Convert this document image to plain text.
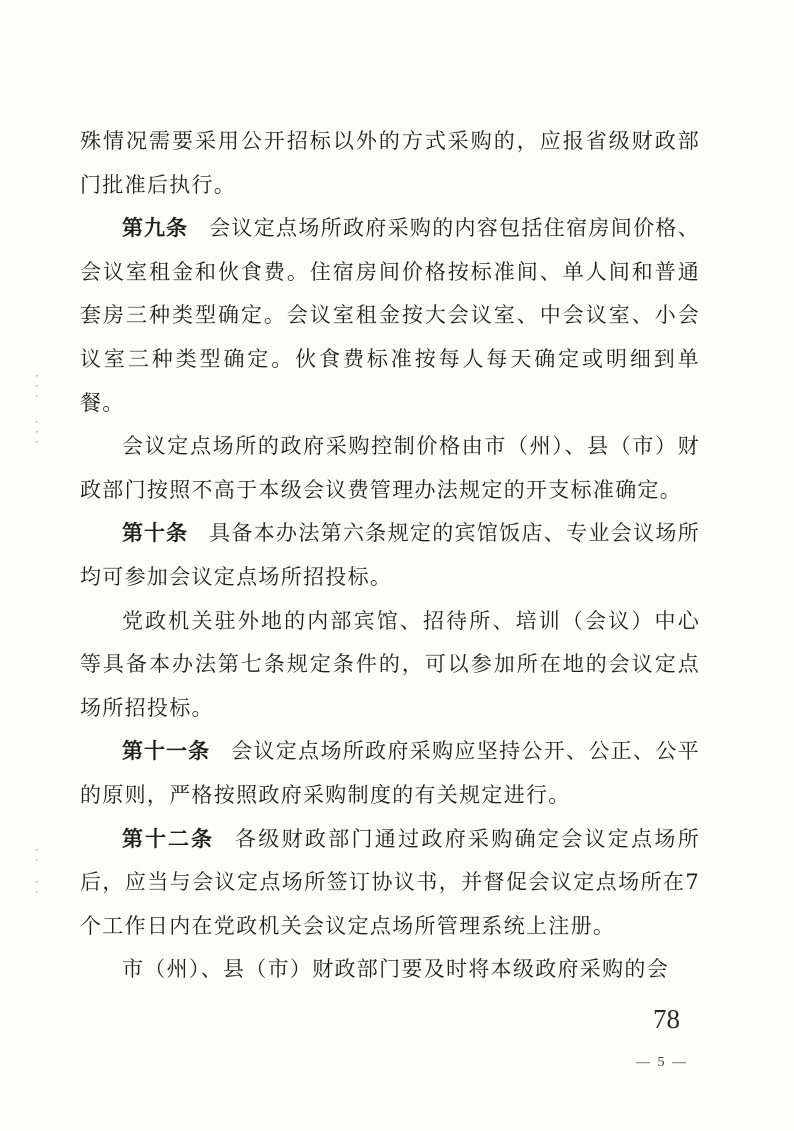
殊情况需要采用公开招标以外的方式采购的，应报省级财政部门批准后执行。

第九条 会议定点场所政府采购的内容包括住宿房间价格、会议室租金和伙食费。住宿房间价格按标准间、单人间和普通套房三种类型确定。会议室租金按大会议室、中会议室、小会议室三种类型确定。伙食费标准按每人每天确定或明细到单餐。

会议定点场所的政府采购控制价格由市（州）、县（市）财政部门按照不高于本级会议费管理办法规定的开支标准确定。

第十条 具备本办法第六条规定的宾馆饭店、专业会议场所均可参加会议定点场所招投标。

党政机关驻外地的内部宾馆、招待所、培训（会议）中心等具备本办法第七条规定条件的，可以参加所在地的会议定点场所招投标。

第十一条 会议定点场所政府采购应坚持公开、公正、公平的原则，严格按照政府采购制度的有关规定进行。

第十二条 各级财政部门通过政府采购确定会议定点场所后，应当与会议定点场所签订协议书，并督促会议定点场所在7个工作日内在党政机关会议定点场所管理系统上注册。

市（州）、县（市）财政部门要及时将本级政府采购的会

· · ·
· · ·
· ·
· ·
78
— 5 —
